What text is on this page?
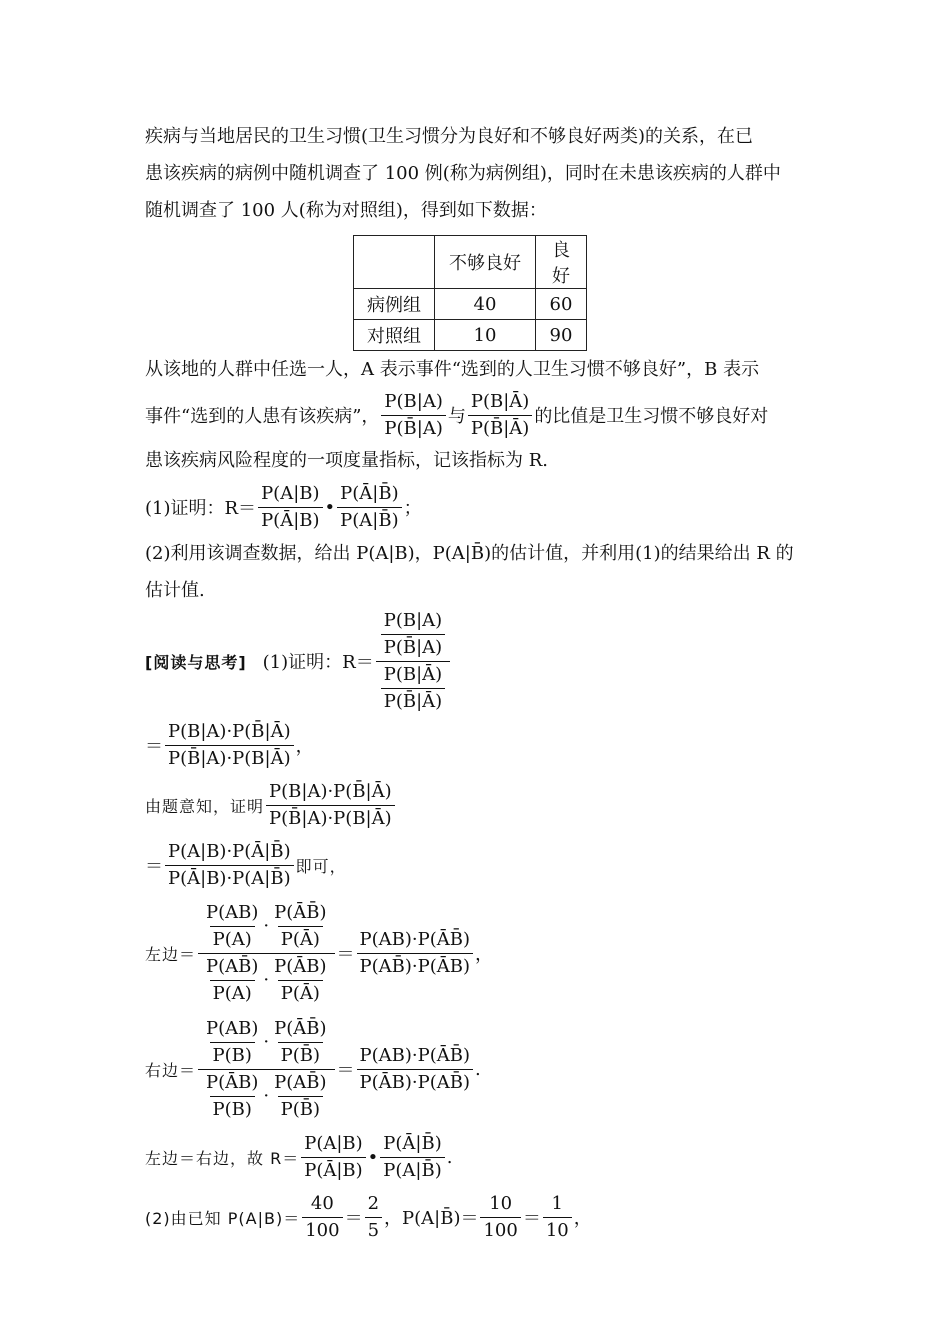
疾病与当地居民的卫生习惯(卫生习惯分为良好和不够良好两类)的关系，在已

患该疾病的病例中随机调查了 100 例(称为病例组)，同时在未患该疾病的人群中

随机调查了 100 人(称为对照组)，得到如下数据：

	不够良好	良好
病例组	40	60
对照组	10	90

从该地的人群中任选一人，A 表示事件“选到的人卫生习惯不够良好”，B 表示

事件“选到的人患有该疾病”， $\frac{P(B|A)}{P(B̄|A)}$ 与 $\frac{P(B|Ā)}{P(B̄|Ā)}$ 的比值是卫生习惯不够良好对

患该疾病风险程度的一项度量指标，记该指标为 R.

(1)证明：$R= \frac{P(A|B)}{P(Ā|B)}$ • $\frac{P(Ā|B̄)}{P(A|B̄)}$ ；

(2)利用该调查数据，给出 P(A|B)，P(A|B̄)的估计值，并利用(1)的结果给出 R 的

估计值.

[阅读与思考] (1)证明：$R= \frac{\frac{P(B|A)}{P(B̄|A)}}{\frac{P(B|Ā)}{P(B̄|Ā)}}$

＝ $\frac{P(B|A)\cdot P(B̄|Ā)}{P(B̄|A)\cdot P(B|Ā)}$ ，

由题意知，证明 $\frac{P(B|A)\cdot P(B̄|Ā)}{P(B̄|A)\cdot P(B|Ā)}$

＝ $\frac{P(A|B)\cdot P(Ā|B̄)}{P(Ā|B)\cdot P(A|B̄)}$ 即可，

左边＝
$\frac{P(AB)}{P(A)} \cdot \frac{P(ĀB̄)}{P(Ā)}$
$\frac{P(AB̄)}{P(A)} \cdot \frac{P(ĀB)}{P(Ā)}$
＝ $\frac{P(AB)\cdot P(ĀB̄)}{P(AB̄)\cdot P(ĀB)}$ ，

右边＝
$\frac{P(AB)}{P(B)} \cdot \frac{P(ĀB̄)}{P(B̄)}$
$\frac{P(ĀB)}{P(B)} \cdot \frac{P(AB̄)}{P(B̄)}$
＝ $\frac{P(AB)\cdot P(ĀB̄)}{P(ĀB)\cdot P(AB̄)}$ .

左边＝右边，故 $R= \frac{P(A|B)}{P(Ā|B)}$ • $\frac{P(Ā|B̄)}{P(A|B̄)}$ .

(2)由已知 $P(A|B)= \frac{40}{100} = \frac{2}{5}$ ，P(A|B̄)＝ $\frac{10}{100} = \frac{1}{10}$ ，
